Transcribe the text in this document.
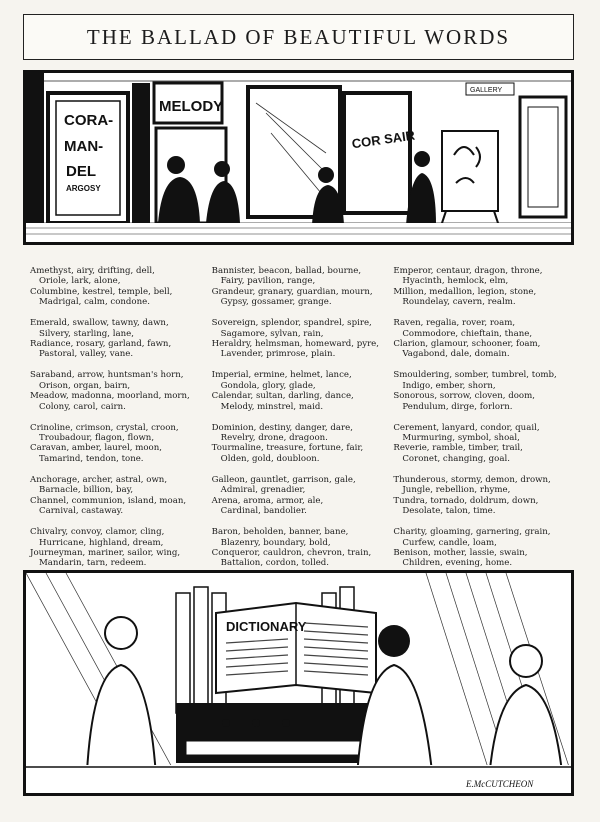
THE BALLAD OF BEAUTIFUL WORDS
CORA-
MAN-
DEL
ARGOSY
MELODY
COR SAIR
GALLERY
Amethyst, airy, drifting, dell,
Oriole, lark, alone,
Columbine, kestrel, temple, bell,
Madrigal, calm, condone.
Emerald, swallow, tawny, dawn,
Silvery, starling, lane,
Radiance, rosary, garland, fawn,
Pastoral, valley, vane.
Saraband, arrow, huntsman's horn,
Orison, organ, bairn,
Meadow, madonna, moorland, morn,
Colony, carol, cairn.
Crinoline, crimson, crystal, croon,
Troubadour, flagon, flown,
Caravan, amber, laurel, moon,
Tamarind, tendon, tone.
Anchorage, archer, astral, own,
Barnacle, billion, bay,
Channel, communion, island, moan,
Carnival, castaway.
Chivalry, convoy, clamor, cling,
Hurricane, highland, dream,
Journeyman, mariner, sailor, wing,
Mandarin, tarn, redeem.
Bannister, beacon, ballad, bourne,
Fairy, pavilion, range,
Grandeur, granary, guardian, mourn,
Gypsy, gossamer, grange.
Sovereign, splendor, spandrel, spire,
Sagamore, sylvan, rain,
Heraldry, helmsman, homeward, pyre,
Lavender, primrose, plain.
Imperial, ermine, helmet, lance,
Gondola, glory, glade,
Calendar, sultan, darling, dance,
Melody, minstrel, maid.
Dominion, destiny, danger, dare,
Revelry, drone, dragoon.
Tourmaline, treasure, fortune, fair,
Olden, gold, doubloon.
Galleon, gauntlet, garrison, gale,
Admiral, grenadier,
Arena, aroma, armor, ale,
Cardinal, bandolier.
Baron, beholden, banner, bane,
Blazenry, boundary, bold,
Conqueror, cauldron, chevron, train,
Battalion, cordon, tolled.
Emperor, centaur, dragon, throne,
Hyacinth, hemlock, elm,
Million, medallion, legion, stone,
Roundelay, cavern, realm.
Raven, regalia, rover, roam,
Commodore, chieftain, thane,
Clarion, glamour, schooner, foam,
Vagabond, dale, domain.
Smouldering, somber, tumbrel, tomb,
Indigo, ember, shorn,
Sonorous, sorrow, cloven, doom,
Pendulum, dirge, forlorn.
Cerement, lanyard, condor, quail,
Murmuring, symbol, shoal,
Reverie, ramble, timber, trail,
Coronet, changing, goal.
Thunderous, stormy, demon, drown,
Jungle, rebellion, rhyme,
Tundra, tornado, doldrum, down,
Desolate, talon, time.
Charity, gloaming, garnering, grain,
Curfew, candle, loam,
Benison, mother, lassie, swain,
Children, evening, home.
DICTIONARY
E.McCUTCHEON
